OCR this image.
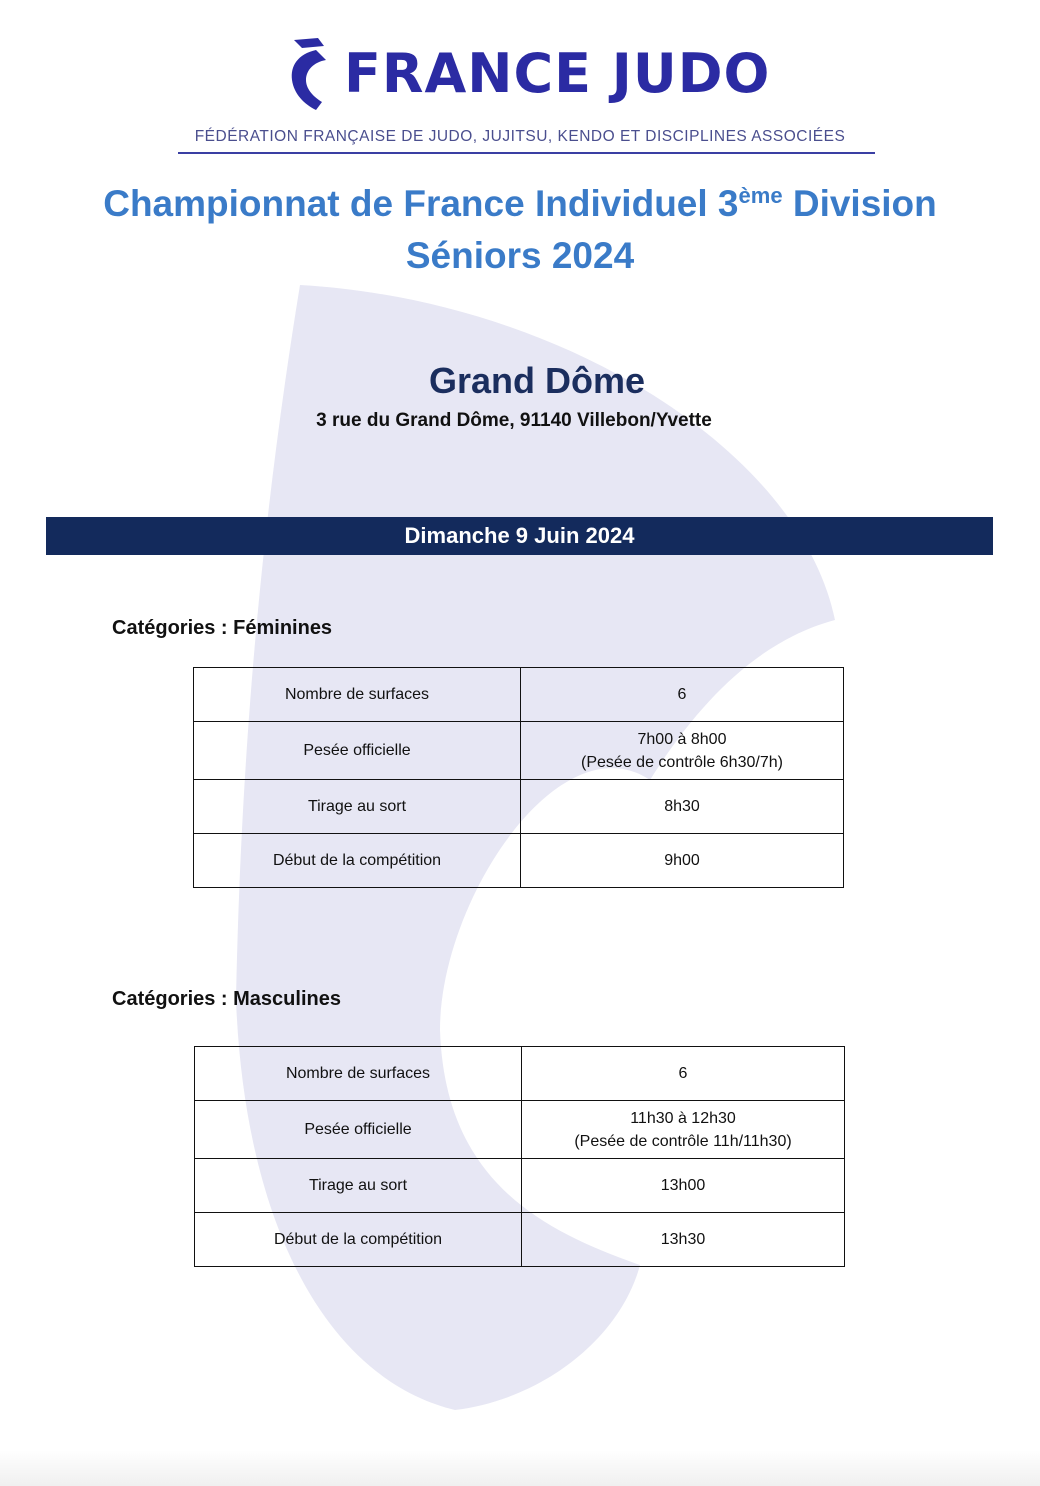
FRANCE JUDO
FÉDÉRATION FRANÇAISE DE JUDO, JUJITSU, KENDO ET DISCIPLINES ASSOCIÉES
Championnat de France Individuel 3ème Division
Séniors 2024
Grand Dôme
3 rue du Grand Dôme, 91140 Villebon/Yvette
Dimanche 9 Juin 2024
Catégories : Féminines
Nombre de surfaces	6

Pesée officielle	7h00 à 8h00
(Pesée de contrôle 6h30/7h)

Tirage au sort	8h30

Début de la compétition	9h00
Catégories : Masculines
Nombre de surfaces	6

Pesée officielle	11h30 à 12h30
(Pesée de contrôle 11h/11h30)

Tirage au sort	13h00

Début de la compétition	13h30
